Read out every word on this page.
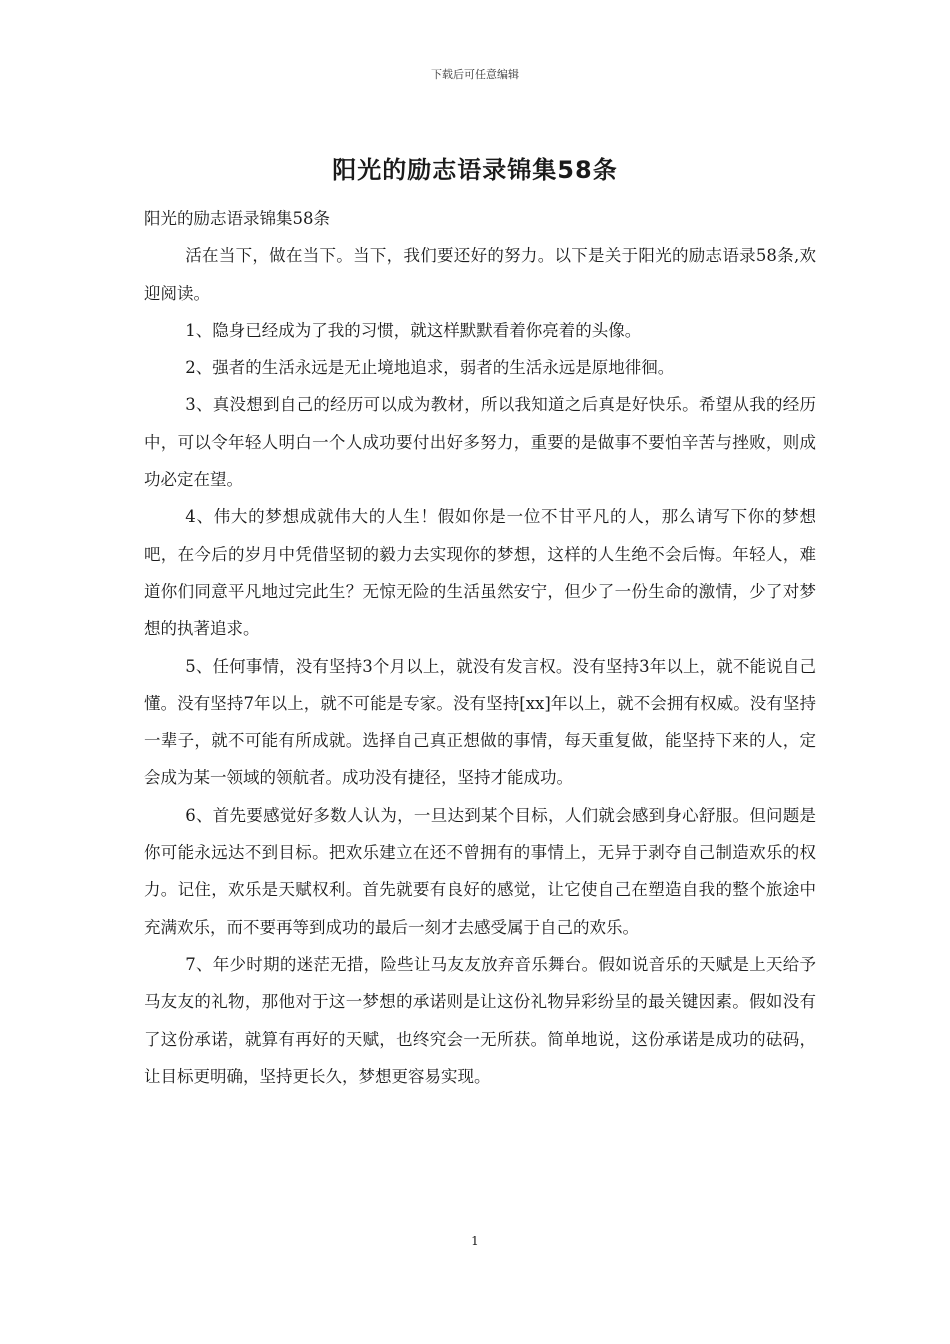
下载后可任意编辑
阳光的励志语录锦集58条

阳光的励志语录锦集58条

活在当下，做在当下。当下，我们要还好的努力。以下是关于阳光的励志语录58条,欢迎阅读。

1、隐身已经成为了我的习惯，就这样默默看着你亮着的头像。

2、强者的生活永远是无止境地追求，弱者的生活永远是原地徘徊。

3、真没想到自己的经历可以成为教材，所以我知道之后真是好快乐。希望从我的经历中，可以令年轻人明白一个人成功要付出好多努力，重要的是做事不要怕辛苦与挫败，则成功必定在望。

4、伟大的梦想成就伟大的人生！假如你是一位不甘平凡的人，那么请写下你的梦想吧，在今后的岁月中凭借坚韧的毅力去实现你的梦想，这样的人生绝不会后悔。年轻人，难道你们同意平凡地过完此生？无惊无险的生活虽然安宁，但少了一份生命的激情，少了对梦想的执著追求。

5、任何事情，没有坚持3个月以上，就没有发言权。没有坚持3年以上，就不能说自己懂。没有坚持7年以上，就不可能是专家。没有坚持[xx]年以上，就不会拥有权威。没有坚持一辈子，就不可能有所成就。选择自己真正想做的事情，每天重复做，能坚持下来的人，定会成为某一领域的领航者。成功没有捷径，坚持才能成功。

6、首先要感觉好多数人认为，一旦达到某个目标，人们就会感到身心舒服。但问题是你可能永远达不到目标。把欢乐建立在还不曾拥有的事情上，无异于剥夺自己制造欢乐的权力。记住，欢乐是天赋权利。首先就要有良好的感觉，让它使自己在塑造自我的整个旅途中充满欢乐，而不要再等到成功的最后一刻才去感受属于自己的欢乐。

7、年少时期的迷茫无措，险些让马友友放弃音乐舞台。假如说音乐的天赋是上天给予马友友的礼物，那他对于这一梦想的承诺则是让这份礼物异彩纷呈的最关键因素。假如没有了这份承诺，就算有再好的天赋，也终究会一无所获。简单地说，这份承诺是成功的砝码，让目标更明确，坚持更长久，梦想更容易实现。

1
